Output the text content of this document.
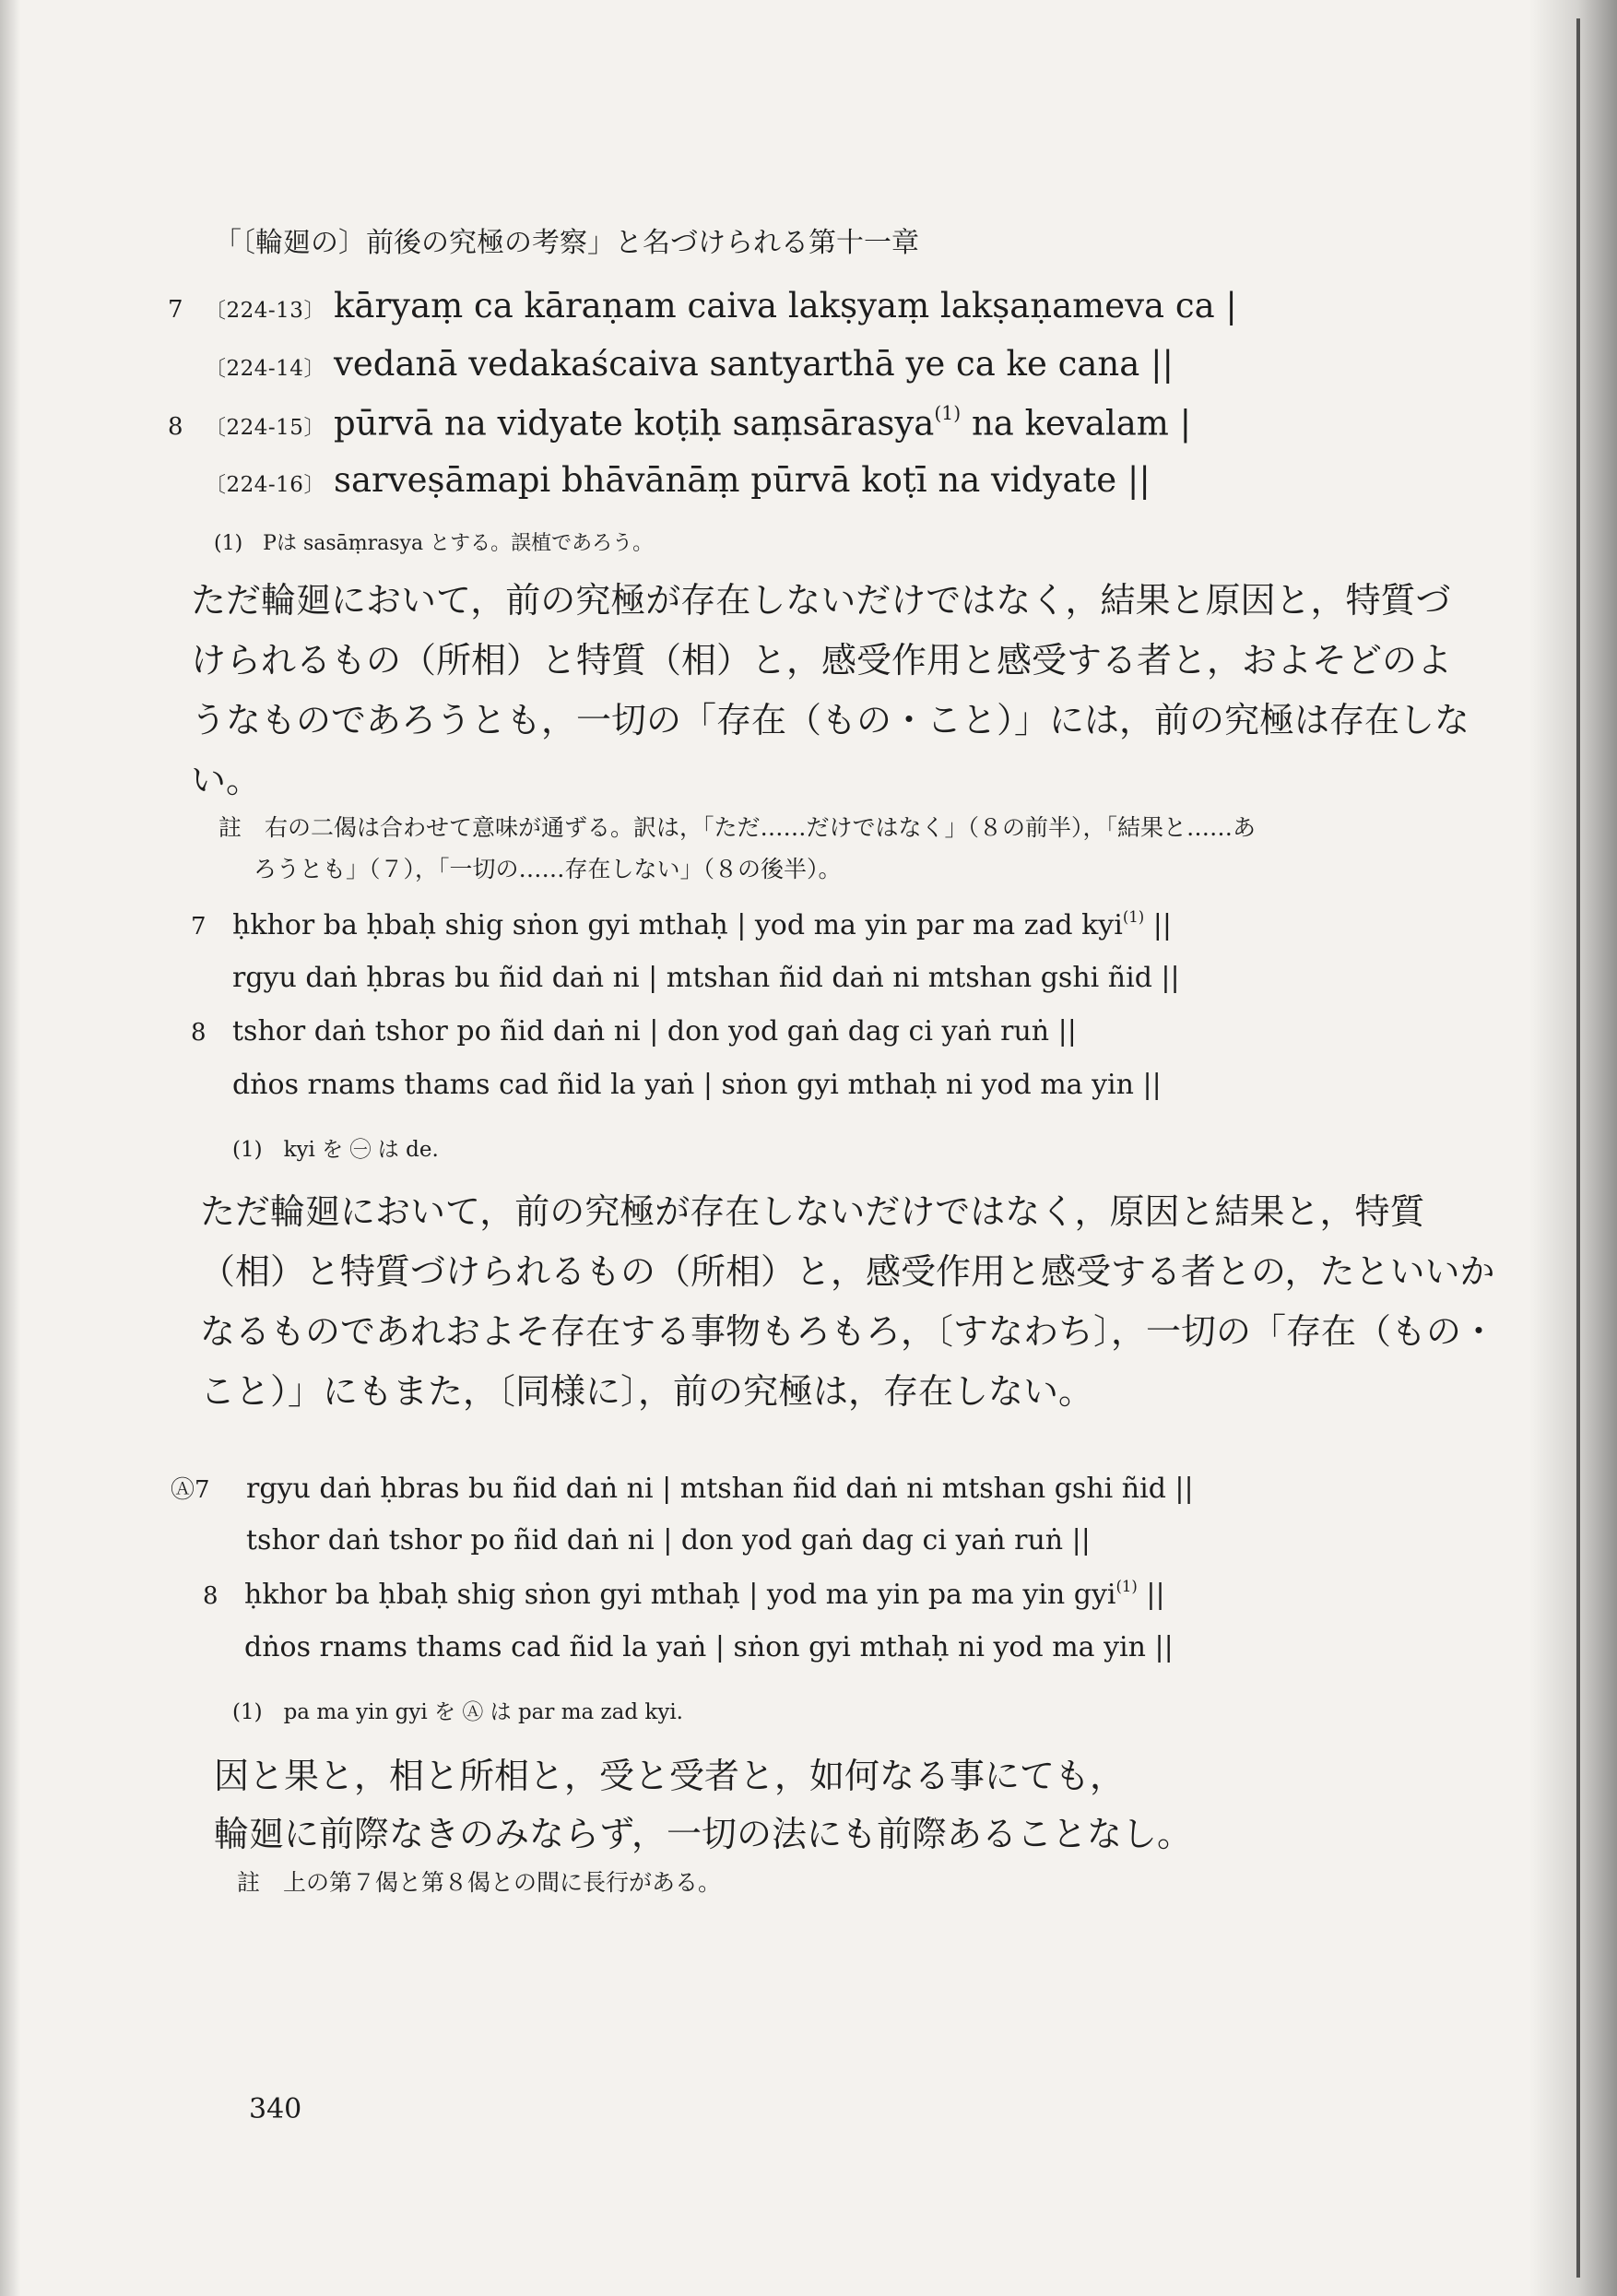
「〔輪廻の〕前後の究極の考察」と名づけられる第十一章
7 〔224-13〕 kāryaṃ ca kāraṇam caiva lakṣyaṃ lakṣaṇameva ca |
〔224-14〕 vedanā vedakaścaiva santyarthā ye ca ke cana ||
8 〔224-15〕 pūrvā na vidyate koṭiḥ saṃsārasya$^{(1)}$ na kevalam |
〔224-16〕 sarveṣāmapi bhāvānāṃ pūrvā koṭī na vidyate ||
(1)　Pは sasāṃrasya とする。誤植であろう。
ただ輪廻において，前の究極が存在しないだけではなく，結果と原因と，特質づ
けられるもの（所相）と特質（相）と，感受作用と感受する者と，およそどのよ
うなものであろうとも，一切の「存在（もの・こと）」には，前の究極は存在しな
い。
註　右の二偈は合わせて意味が通ずる。訳は，「ただ……だけではなく」（８の前半），「結果と……あ
ろうとも」（７），「一切の……存在しない」（８の後半）。
7 ḥkhor ba ḥbaḥ shig sṅon gyi mthaḥ | yod ma yin par ma zad kyi$^{(1)}$ ||
rgyu daṅ ḥbras bu ñid daṅ ni | mtshan ñid daṅ ni mtshan gshi ñid ||
8 tshor daṅ tshor po ñid daṅ ni | don yod gaṅ dag ci yaṅ ruṅ ||
dṅos rnams thams cad ñid la yaṅ | sṅon gyi mthaḥ ni yod ma yin ||
(1)　kyi を ㊀ は de.
ただ輪廻において，前の究極が存在しないだけではなく，原因と結果と，特質
（相）と特質づけられるもの（所相）と，感受作用と感受する者との，たといいか
なるものであれおよそ存在する事物もろもろ，〔すなわち〕，一切の「存在（もの・
こと）」にもまた，〔同様に〕，前の究極は，存在しない。
Ⓐ7 rgyu daṅ ḥbras bu ñid daṅ ni | mtshan ñid daṅ ni mtshan gshi ñid ||
tshor daṅ tshor po ñid daṅ ni | don yod gaṅ dag ci yaṅ ruṅ ||
8 ḥkhor ba ḥbaḥ shig sṅon gyi mthaḥ | yod ma yin pa ma yin gyi$^{(1)}$ ||
dṅos rnams thams cad ñid la yaṅ | sṅon gyi mthaḥ ni yod ma yin ||
(1)　pa ma yin gyi を Ⓐ は par ma zad kyi.
因と果と，相と所相と，受と受者と，如何なる事にても，
輪廻に前際なきのみならず，一切の法にも前際あることなし。
註　上の第７偈と第８偈との間に長行がある。
340
